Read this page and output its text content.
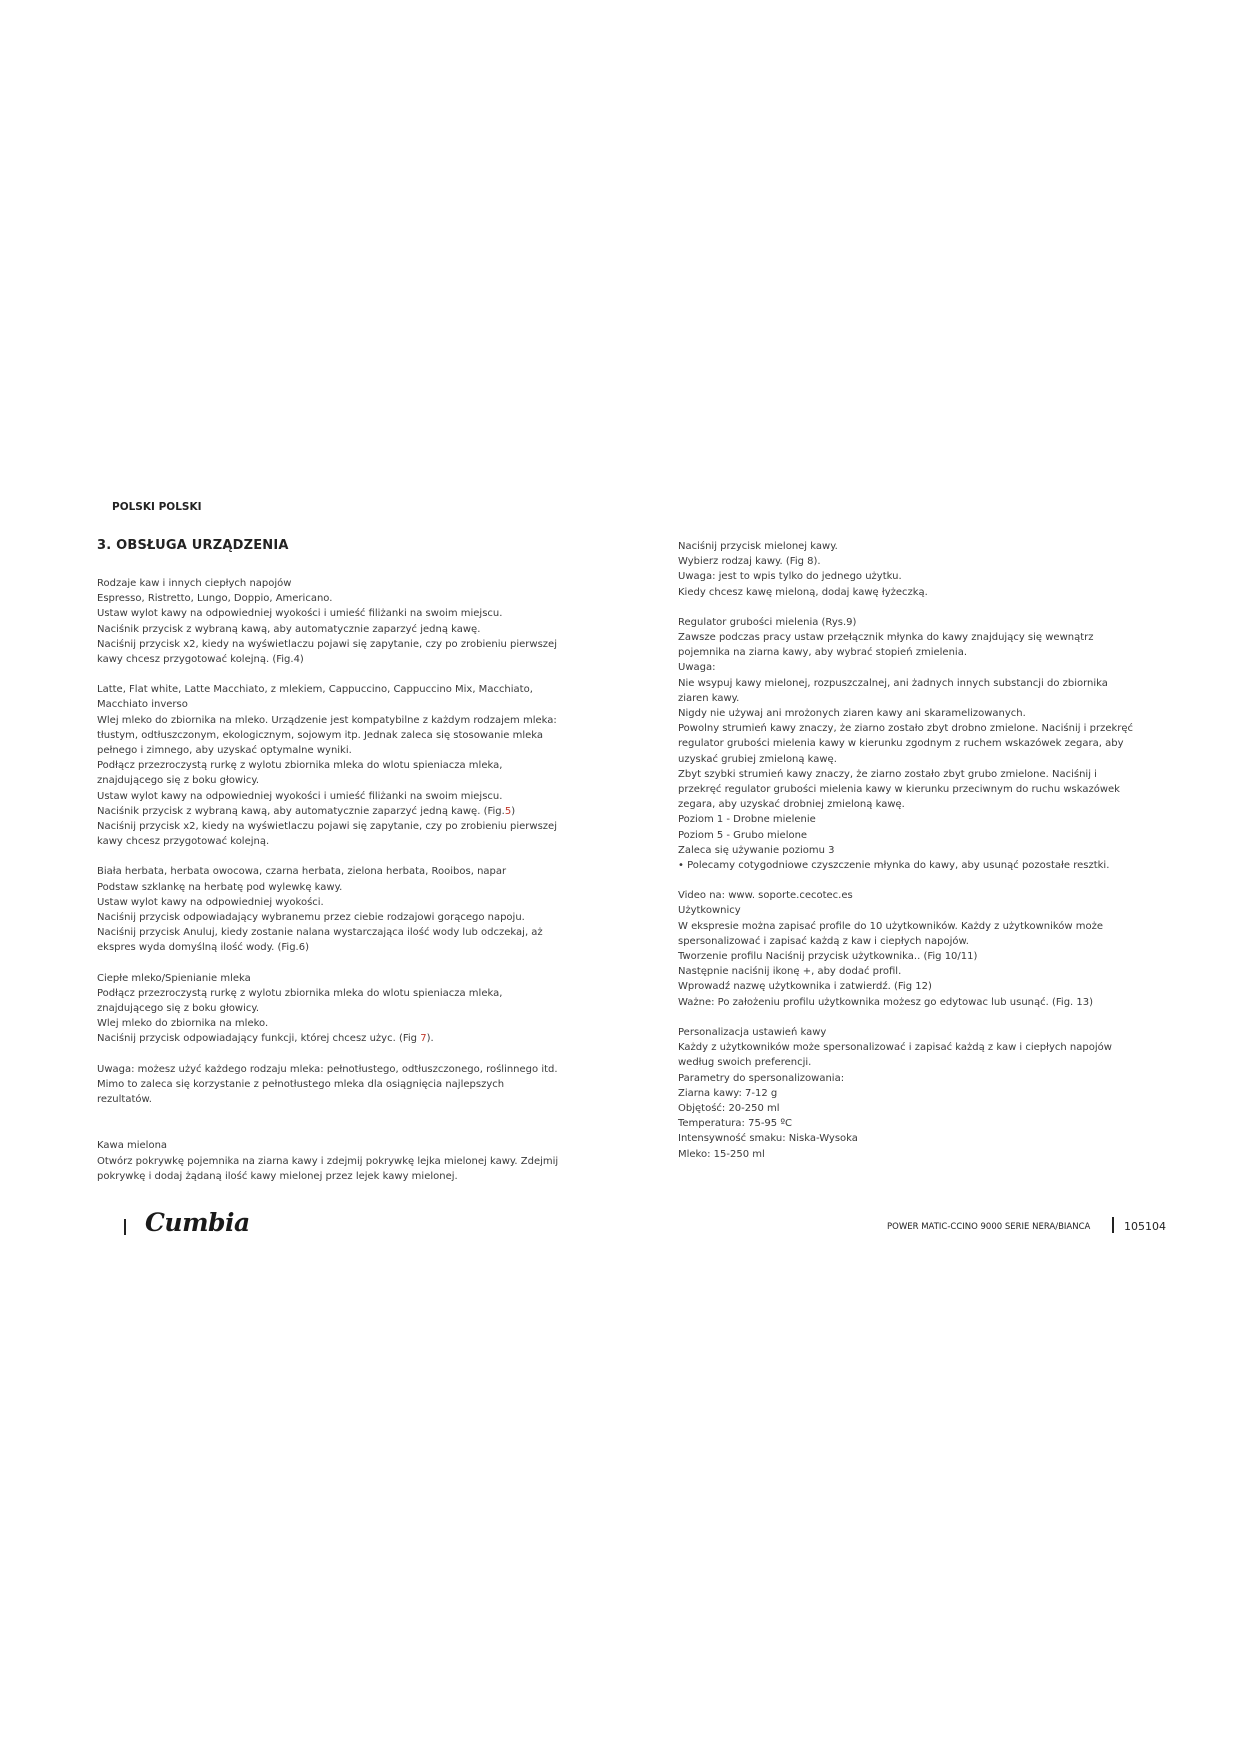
POLSKI POLSKI
3. OBSŁUGA URZĄDZENIA

Rodzaje kaw i innych ciepłych napojów

Espresso, Ristretto, Lungo, Doppio, Americano.

Ustaw wylot kawy na odpowiedniej wyokości i umieść filiżanki na swoim miejscu.

Naciśnik przycisk z wybraną kawą, aby automatycznie zaparzyć jedną kawę.

Naciśnij przycisk x2, kiedy na wyświetlaczu pojawi się zapytanie, czy po zrobieniu pierwszej kawy chcesz przygotować kolejną. (Fig.4)

Latte, Flat white, Latte Macchiato, z mlekiem, Cappuccino, Cappuccino Mix, Macchiato, Macchiato inverso

Wlej mleko do zbiornika na mleko. Urządzenie jest kompatybilne z każdym rodzajem mleka: tłustym, odtłuszczonym, ekologicznym, sojowym itp. Jednak zaleca się stosowanie mleka pełnego i zimnego, aby uzyskać optymalne wyniki.

Podłącz przezroczystą rurkę z wylotu zbiornika mleka do wlotu spieniacza mleka, znajdującego się z boku głowicy.

Ustaw wylot kawy na odpowiedniej wyokości i umieść filiżanki na swoim miejscu.

Naciśnik przycisk z wybraną kawą, aby automatycznie zaparzyć jedną kawę. (Fig.5)

Naciśnij przycisk x2, kiedy na wyświetlaczu pojawi się zapytanie, czy po zrobieniu pierwszej kawy chcesz przygotować kolejną.

Biała herbata, herbata owocowa, czarna herbata, zielona herbata, Rooibos, napar

Podstaw szklankę na herbatę pod wylewkę kawy.

Ustaw wylot kawy na odpowiedniej wyokości.

Naciśnij przycisk odpowiadający wybranemu przez ciebie rodzajowi gorącego napoju.

Naciśnij przycisk Anuluj, kiedy zostanie nalana wystarczająca ilość wody lub odczekaj, aż ekspres wyda domyślną ilość wody. (Fig.6)

Ciepłe mleko/Spienianie mleka

Podłącz przezroczystą rurkę z wylotu zbiornika mleka do wlotu spieniacza mleka, znajdującego się z boku głowicy.

Wlej mleko do zbiornika na mleko.

Naciśnij przycisk odpowiadający funkcji, której chcesz użyc. (Fig 7).

Uwaga: możesz użyć każdego rodzaju mleka: pełnotłustego, odtłuszczonego, roślinnego itd.

Mimo to zaleca się korzystanie z pełnotłustego mleka dla osiągnięcia najlepszych rezultatów.

Kawa mielona

Otwórz pokrywkę pojemnika na ziarna kawy i zdejmij pokrywkę lejka mielonej kawy. Zdejmij pokrywkę i dodaj żądaną ilość kawy mielonej przez lejek kawy mielonej.

Naciśnij przycisk mielonej kawy.

Wybierz rodzaj kawy. (Fig 8).

Uwaga: jest to wpis tylko do jednego użytku.

Kiedy chcesz kawę mieloną, dodaj kawę łyżeczką.

Regulator grubości mielenia (Rys.9)

Zawsze podczas pracy ustaw przełącznik młynka do kawy znajdujący się wewnątrz pojemnika na ziarna kawy, aby wybrać stopień zmielenia.

Uwaga:

Nie wsypuj kawy mielonej, rozpuszczalnej, ani żadnych innych substancji do zbiornika ziaren kawy.

Nigdy nie używaj ani mrożonych ziaren kawy ani skaramelizowanych.

Powolny strumień kawy znaczy, że ziarno zostało zbyt drobno zmielone. Naciśnij i przekręć regulator grubości mielenia kawy w kierunku zgodnym z ruchem wskazówek zegara, aby uzyskać grubiej zmieloną kawę.

Zbyt szybki strumień kawy znaczy, że ziarno zostało zbyt grubo zmielone. Naciśnij i przekręć regulator grubości mielenia kawy w kierunku przeciwnym do ruchu wskazówek zegara, aby uzyskać drobniej zmieloną kawę.

Poziom 1 - Drobne mielenie

Poziom 5 - Grubo mielone

Zaleca się używanie poziomu 3

• Polecamy cotygodniowe czyszczenie młynka do kawy, aby usunąć pozostałe resztki.

Video na: www. soporte.cecotec.es

Użytkownicy

W ekspresie można zapisać profile do 10 użytkowników. Każdy z użytkowników może spersonalizować i zapisać każdą z kaw i ciepłych napojów.

Tworzenie profilu Naciśnij przycisk użytkownika.. (Fig 10/11)

Następnie naciśnij ikonę +, aby dodać profil.

Wprowadź nazwę użytkownika i zatwierdź. (Fig 12)

Ważne: Po założeniu profilu użytkownika możesz go edytowac lub usunąć. (Fig. 13)

Personalizacja ustawień kawy

Każdy z użytkowników może spersonalizować i zapisać każdą z kaw i ciepłych napojów według swoich preferencji.

Parametry do spersonalizowania:

Ziarna kawy: 7-12 g

Objętość: 20-250 ml

Temperatura: 75-95 ºC

Intensywność smaku: Niska-Wysoka

Mleko: 15-250 ml

Cumbia	POWER MATIC-CCINO 9000 SERIE NERA/BIANCA	105104
